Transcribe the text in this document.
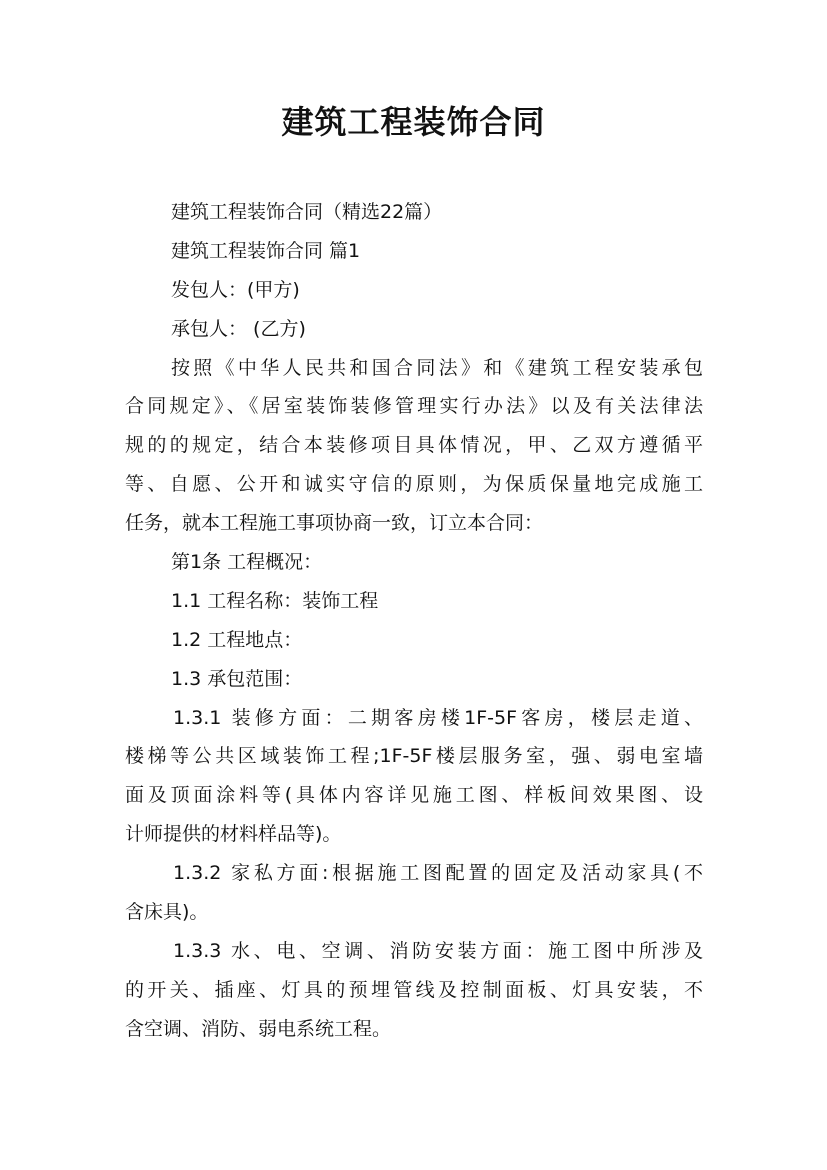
建筑工程装饰合同
建筑工程装饰合同（精选22篇）
建筑工程装饰合同 篇1
发包人：(甲方)
承包人： (乙方)
按照《中华人民共和国合同法》和《建筑工程安装承包
合同规定》、《居室装饰装修管理实行办法》以及有关法律法
规的的规定，结合本装修项目具体情况，甲、乙双方遵循平
等、自愿、公开和诚实守信的原则，为保质保量地完成施工
任务，就本工程施工事项协商一致，订立本合同：
第1条 工程概况：
1.1 工程名称：装饰工程
1.2 工程地点：
1.3 承包范围：
1.3.1 装修方面：二期客房楼1F-5F客房，楼层走道、
楼梯等公共区域装饰工程;1F-5F楼层服务室，强、弱电室墙
面及顶面涂料等(具体内容详见施工图、样板间效果图、设
计师提供的材料样品等)。
1.3.2 家私方面:根据施工图配置的固定及活动家具(不
含床具)。
1.3.3 水、电、空调、消防安装方面：施工图中所涉及
的开关、插座、灯具的预埋管线及控制面板、灯具安装，不
含空调、消防、弱电系统工程。
